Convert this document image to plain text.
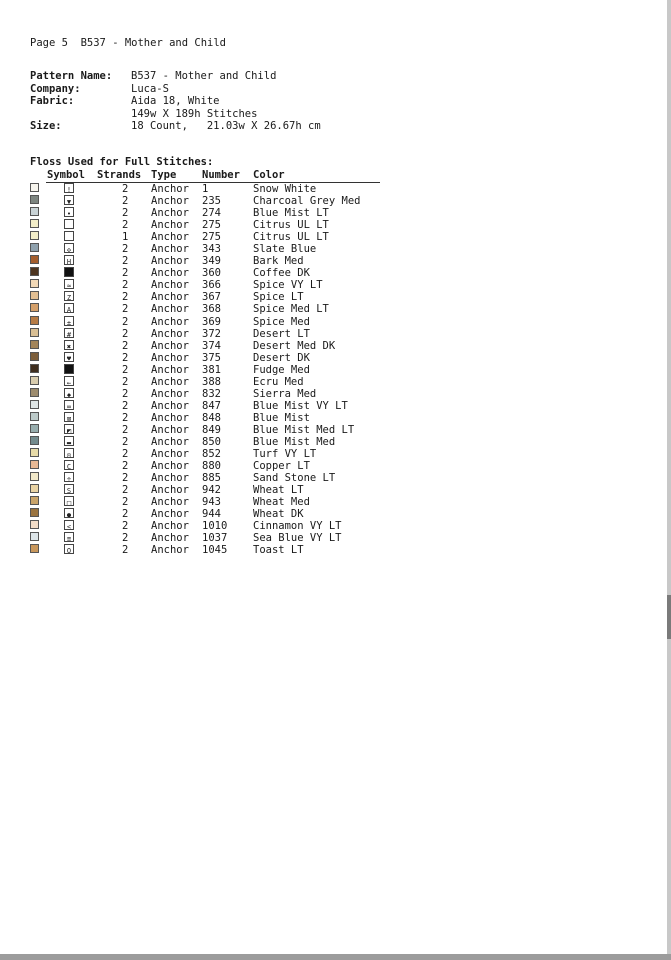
Page 5 B537 - Mother and Child
Pattern Name:	B537 - Mother and Child
Company:	Luca-S
Fabric:	Aida 18, White
149w X 189h Stitches
Size:	18 Count,   21.03w X 26.67h cm
Floss Used for Full Stitches:
Symbol Strands Type Number Color
!	2 Anchor 1	Snow White
▼	2 Anchor 235	Charcoal Grey Med
•	2 Anchor 274	Blue Mist LT
2 Anchor 275	Citrus UL LT
1 Anchor 275	Citrus UL LT
✣	2 Anchor 343	Slate Blue
H	2 Anchor 349	Bark Med
2 Anchor 360	Coffee DK
≈	2 Anchor 366	Spice VY LT
Z	2 Anchor 367	Spice LT
A	2 Anchor 368	Spice Med LT
±	2 Anchor 369	Spice Med
#	2 Anchor 372	Desert LT
✖	2 Anchor 374	Desert Med DK
♥	2 Anchor 375	Desert DK
2 Anchor 381	Fudge Med
←	2 Anchor 388	Ecru Med
◆	2 Anchor 832	Sierra Med
∞	2 Anchor 847	Blue Mist VY LT
⊠	2 Anchor 848	Blue Mist
◩	2 Anchor 849	Blue Mist Med LT
▬	2 Anchor 850	Blue Mist Med
◎	2 Anchor 852	Turf VY LT
C	2 Anchor 880	Copper LT
÷	2 Anchor 885	Sand Stone LT
S	2 Anchor 942	Wheat LT
□	2 Anchor 943	Wheat Med
●	2 Anchor 944	Wheat DK
<	2 Anchor 1010 Cinnamon VY LT
≡	2 Anchor 1037 Sea Blue VY LT
O	2 Anchor 1045 Toast LT
